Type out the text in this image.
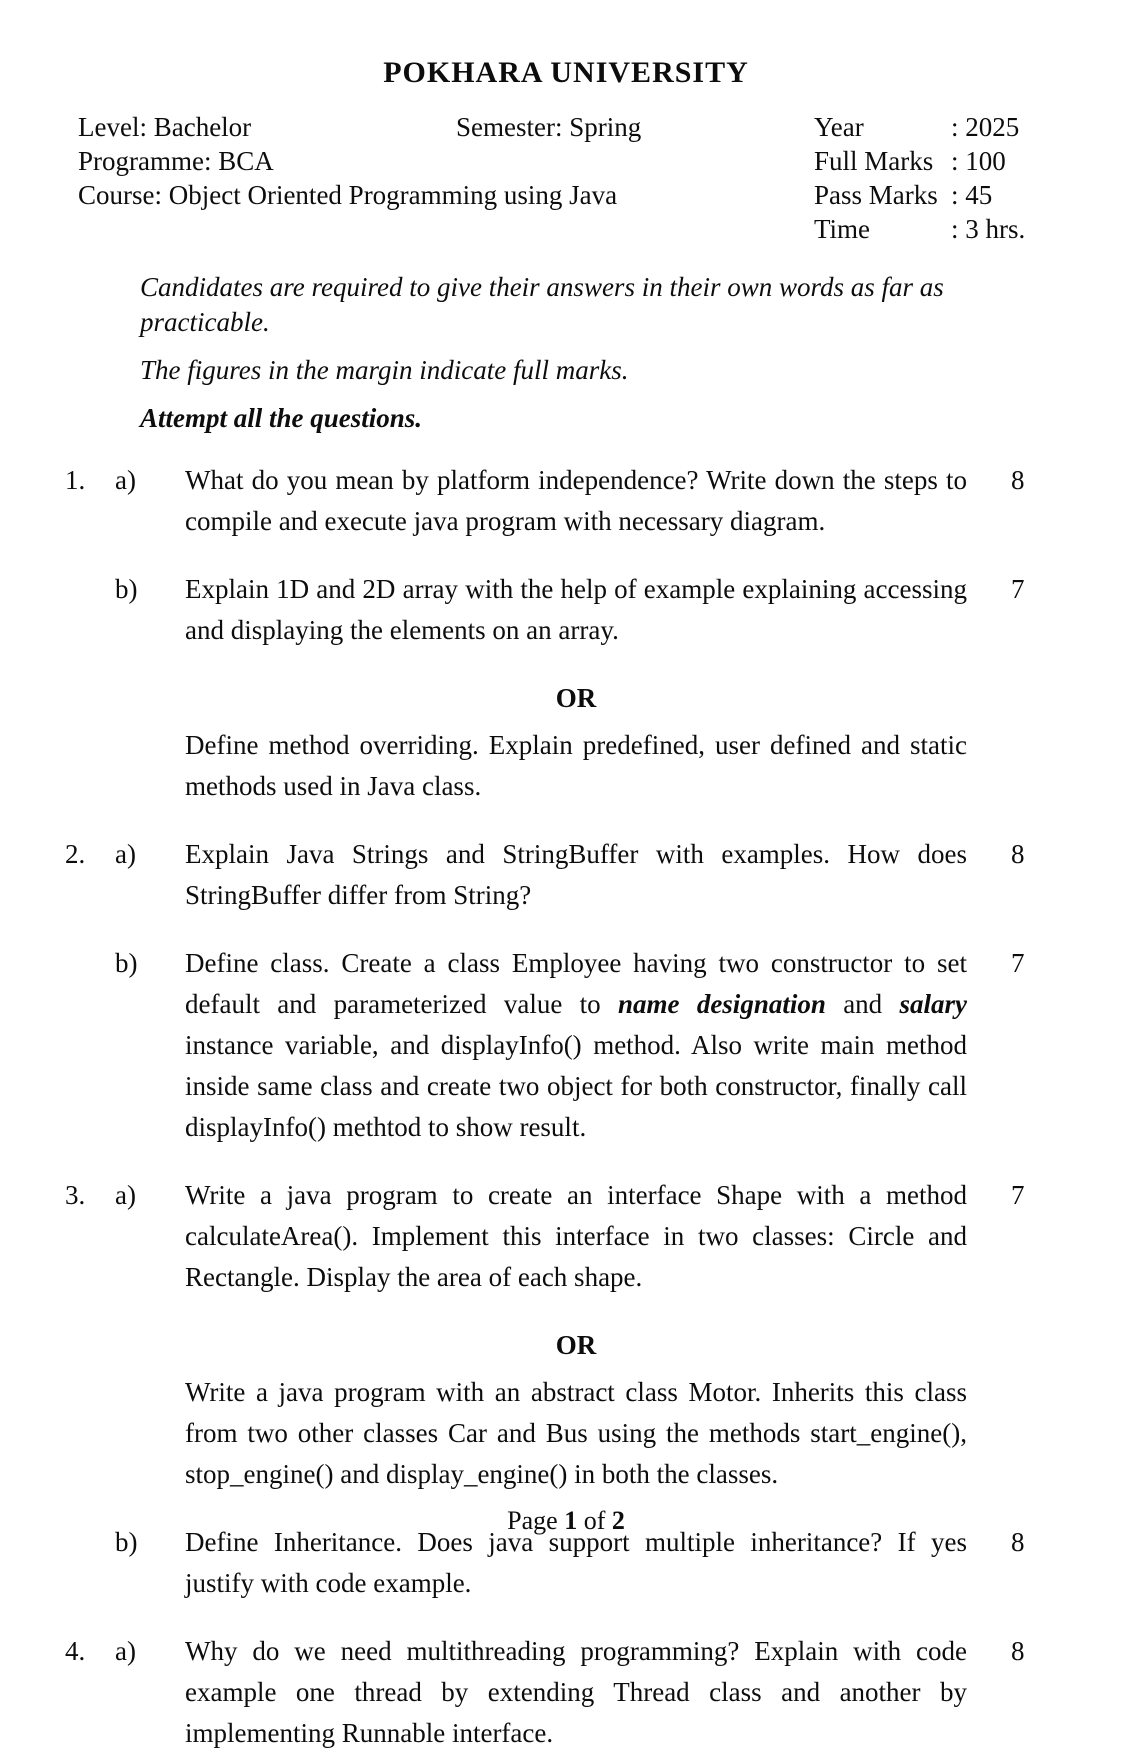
POKHARA UNIVERSITY
Level: Bachelor	Semester: Spring	Year	: 2025
Programme: BCA	Full Marks : 100
Course: Object Oriented Programming using Java	Pass Marks : 45
Time	: 3 hrs.

Candidates are required to give their answers in their own words as far as practicable.

The figures in the margin indicate full marks.

Attempt all the questions.

1.	a)	What do you mean by platform independence? Write down the steps to compile and execute java program with necessary diagram.
8
b)	Explain 1D and 2D array with the help of example explaining accessing and displaying the elements on an array.
7
OR
Define method overriding. Explain predefined, user defined and static methods used in Java class.
2.	a)	Explain Java Strings and StringBuffer with examples. How does StringBuffer differ from String?
8
b)	Define class. Create a class Employee having two constructor to set default and parameterized value to name designation and salary instance variable, and displayInfo() method. Also write main method inside same class and create two object for both constructor, finally call displayInfo() methtod to show result.
7
3.	a)	Write a java program to create an interface Shape with a method calculateArea(). Implement this interface in two classes: Circle and Rectangle. Display the area of each shape.
7
OR
Write a java program with an abstract class Motor. Inherits this class from two other classes Car and Bus using the methods start_engine(), stop_engine() and display_engine() in both the classes.
b)	Define Inheritance. Does java support multiple inheritance? If yes justify with code example.
8
4.	a)	Why do we need multithreading programming? Explain with code example one thread by extending Thread class and another by implementing Runnable interface.
8
Page 1 of 2
